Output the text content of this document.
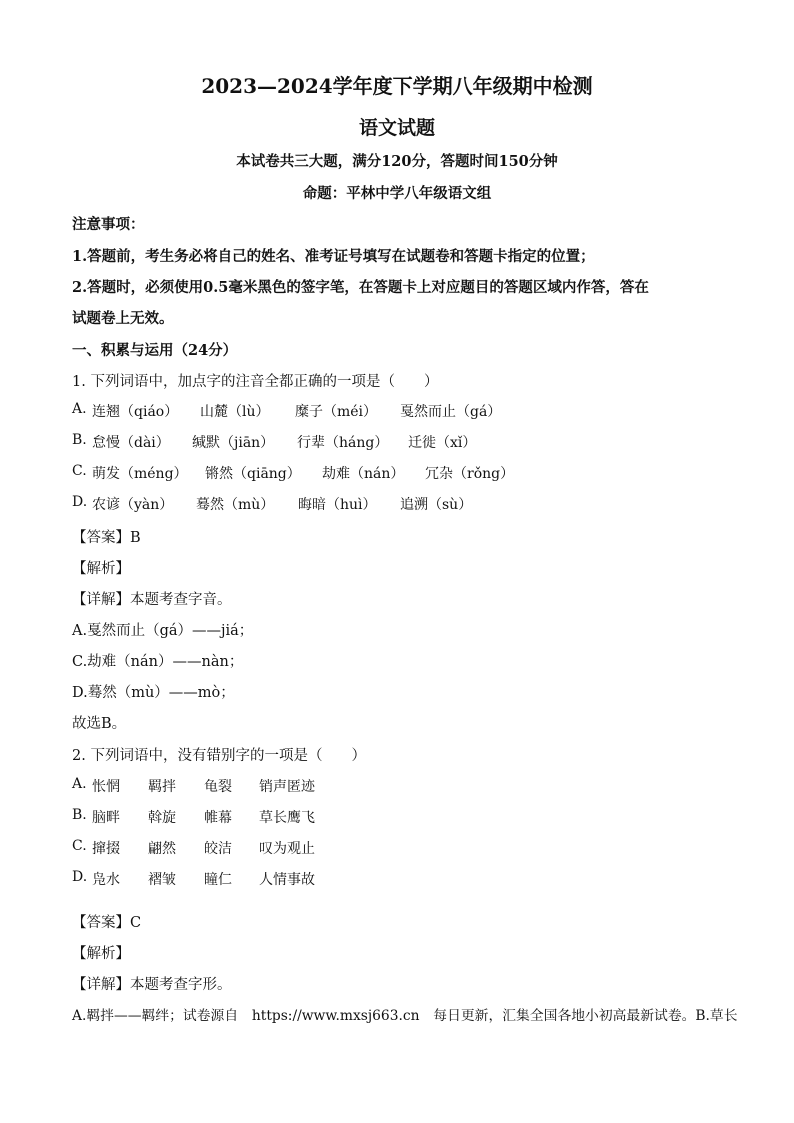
2023—2024学年度下学期八年级期中检测
语文试题
本试卷共三大题，满分120分，答题时间150分钟
命题：平林中学八年级语文组
注意事项：
1.答题前，考生务必将自己的姓名、准考证号填写在试题卷和答题卡指定的位置；
2.答题时，必须使用0.5毫米黑色的签字笔，在答题卡上对应题目的答题区域内作答，答在
试题卷上无效。
一、积累与运用（24分）
1. 下列词语中，加点字的注音全都正确的一项是（　　）
A. 连翘（qiáo） 山麓（lù） 糜子（méi） 戛然而止（gá）
B. 怠慢（dài） 缄默（jiān） 行辈（háng） 迁徙（xǐ）
C. 萌发（méng） 锵然（qiāng） 劫难（nán） 冗杂（rǒng）
D. 农谚（yàn） 蓦然（mù） 晦暗（huì） 追溯（sù）
【答案】B
【解析】
【详解】本题考查字音。
A.戛然而止（gá）——jiá；
C.劫难（nán）——nàn；
D.蓦然（mù）——mò；
故选B。
2. 下列词语中，没有错别字的一项是（　　）
A. 怅惘 羁拌 龟裂 销声匿迹
B. 脑畔 斡旋 帷幕 草长鹰飞
C. 撺掇 翩然 皎洁 叹为观止
D. 凫水 褶皱 瞳仁 人情事故
【答案】C
【解析】
【详解】本题考查字形。
A.羁拌——羁绊；试卷源自　https://www.mxsj663.cn　每日更新，汇集全国各地小初高最新试卷。B.草长
